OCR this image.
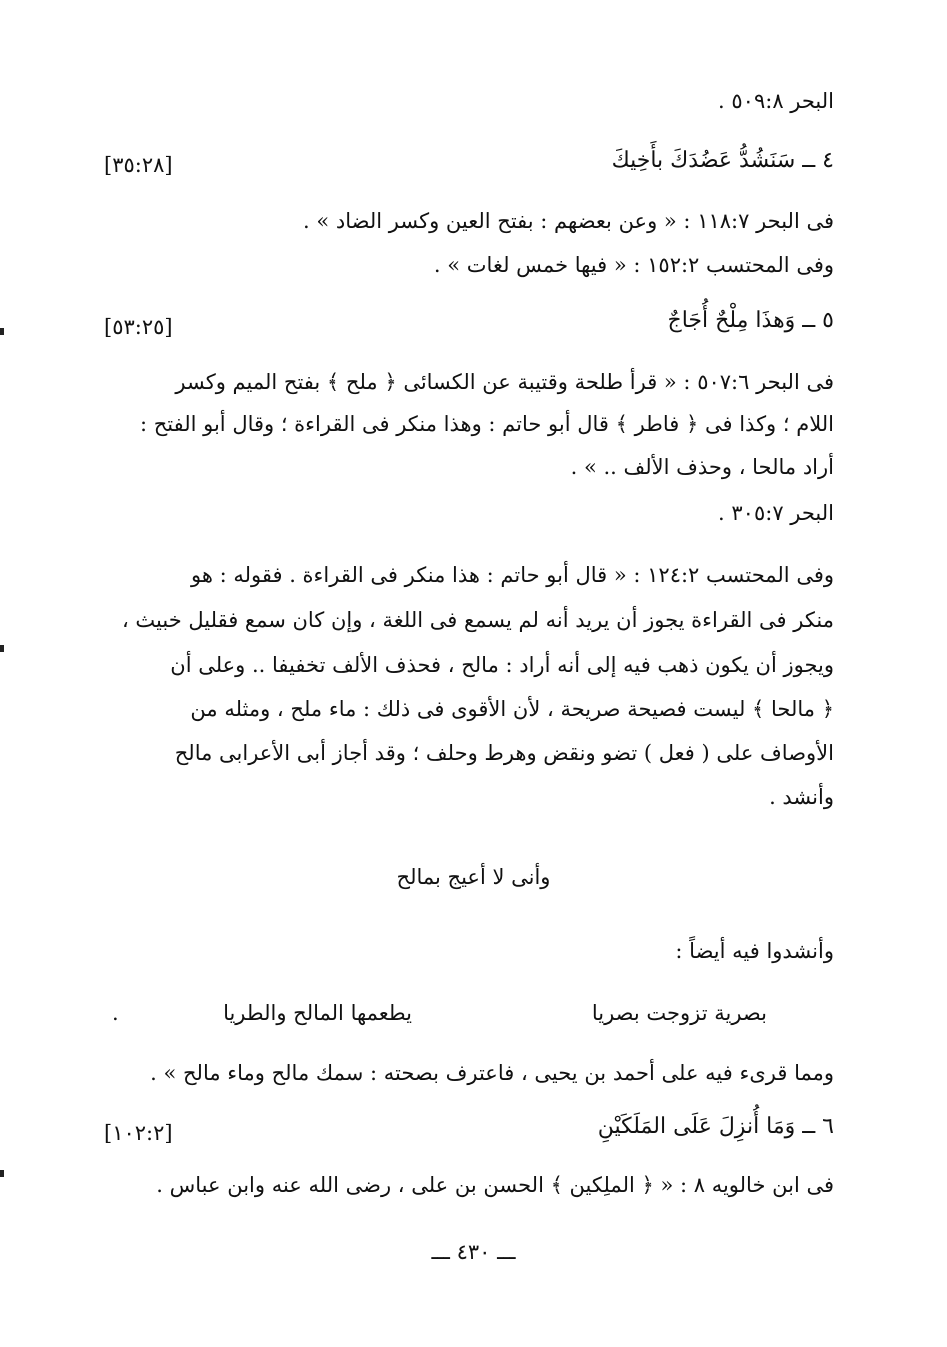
البحر ٥٠٩:٨ .

٤ ــ سَنَشُدُّ عَضُدَكَ بأَخِيكَ

[٣٥:٢٨]

فى البحر ١١٨:٧ : « وعن بعضهم : بفتح العين وكسر الضاد » .

وفى المحتسب ١٥٢:٢ : « فيها خمس لغات » .

٥ ــ وَهذَا مِلْحٌ أُجَاجٌ

[٥٣:٢٥]

فى البحر ٥٠٧:٦ : « قرأ طلحة وقتيبة عن الكسائى ﴿ ملح ﴾ بفتح الميم وكسر

اللام ؛ وكذا فى ﴿ فاطر ﴾ قال أبو حاتم : وهذا منكر فى القراءة ؛ وقال أبو الفتح :

أراد مالحا ، وحذف الألف .. » .

البحر ٣٠٥:٧ .

وفى المحتسب ١٢٤:٢ : « قال أبو حاتم : هذا منكر فى القراءة . فقوله : هو

منكر فى القراءة يجوز أن يريد أنه لم يسمع فى اللغة ، وإن كان سمع فقليل خبيث ،

ويجوز أن يكون ذهب فيه إلى أنه أراد : مالح ، فحذف الألف تخفيفا .. وعلى أن

﴿ مالحا ﴾ ليست فصيحة صريحة ، لأن الأقوى فى ذلك : ماء ملح ، ومثله من

الأوصاف على ( فعل ) تضو ونقض وهرط وحلف ؛ وقد أجاز أبى الأعرابى مالح

وأنشد .

وأنى لا أعيج بمالح

وأنشدوا فيه أيضاً :

بصرية تزوجت بصريا

يطعمها المالح والطريا

.

ومما قرىء فيه على أحمد بن يحيى ، فاعترف بصحته : سمك مالح وماء مالح » .

٦ ــ وَمَا أُنزِلَ عَلَى المَلَكَيْنِ

[١٠٢:٢]

فى ابن خالويه ٨ : « ﴿ الملِكين ﴾ الحسن بن على ، رضى الله عنه وابن عباس .

ـــ ٤٣٠ ـــ
